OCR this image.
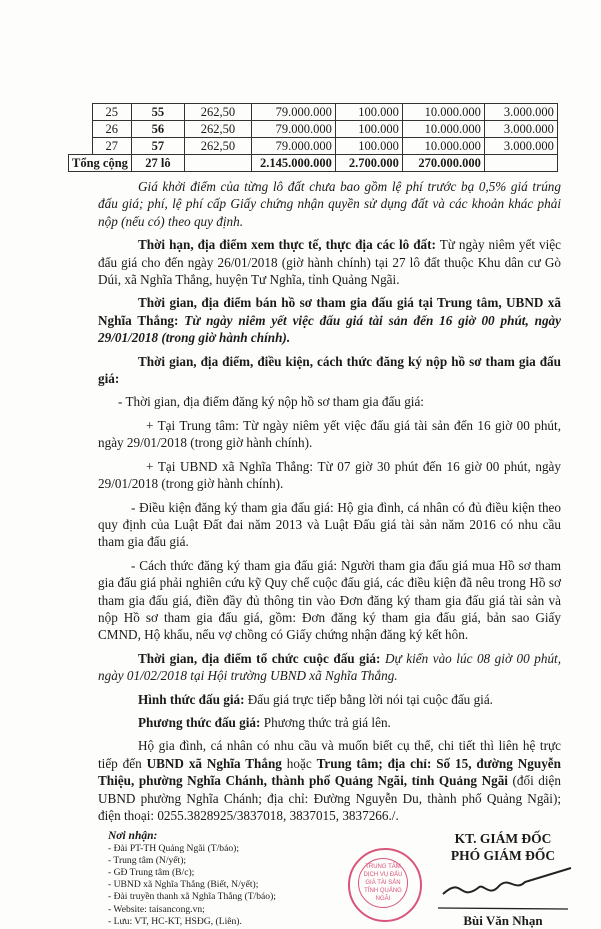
	25	55	262,50	79.000.000	100.000	10.000.000	3.000.000
	26	56	262,50	79.000.000	100.000	10.000.000	3.000.000
	27	57	262,50	79.000.000	100.000	10.000.000	3.000.000
Tổng cộng		27 lô		2.145.000.000	2.700.000	270.000.000	

Giá khởi điểm của từng lô đất chưa bao gồm lệ phí trước bạ 0,5% giá trúng đấu giá; phí, lệ phí cấp Giấy chứng nhận quyền sử dụng đất và các khoản khác phải nộp (nếu có) theo quy định.

Thời hạn, địa điểm xem thực tế, thực địa các lô đất: Từ ngày niêm yết việc đấu giá cho đến ngày 26/01/2018 (giờ hành chính) tại 27 lô đất thuộc Khu dân cư Gò Dúi, xã Nghĩa Thắng, huyện Tư Nghĩa, tỉnh Quảng Ngãi.

Thời gian, địa điểm bán hồ sơ tham gia đấu giá tại Trung tâm, UBND xã Nghĩa Thắng: Từ ngày niêm yết việc đấu giá tài sản đến 16 giờ 00 phút, ngày 29/01/2018 (trong giờ hành chính).

Thời gian, địa điểm, điều kiện, cách thức đăng ký nộp hồ sơ tham gia đấu giá:

- Thời gian, địa điểm đăng ký nộp hồ sơ tham gia đấu giá:

+ Tại Trung tâm: Từ ngày niêm yết việc đấu giá tài sản đến 16 giờ 00 phút, ngày 29/01/2018 (trong giờ hành chính).

+ Tại UBND xã Nghĩa Thắng: Từ 07 giờ 30 phút đến 16 giờ 00 phút, ngày 29/01/2018 (trong giờ hành chính).

- Điều kiện đăng ký tham gia đấu giá: Hộ gia đình, cá nhân có đủ điều kiện theo quy định của Luật Đất đai năm 2013 và Luật Đấu giá tài sản năm 2016 có nhu cầu tham gia đấu giá.

- Cách thức đăng ký tham gia đấu giá: Người tham gia đấu giá mua Hồ sơ tham gia đấu giá phải nghiên cứu kỹ Quy chế cuộc đấu giá, các điều kiện đã nêu trong Hồ sơ tham gia đấu giá, điền đầy đủ thông tin vào Đơn đăng ký tham gia đấu giá tài sản và nộp Hồ sơ tham gia đấu giá, gồm: Đơn đăng ký tham gia đấu giá, bản sao Giấy CMND, Hộ khẩu, nếu vợ chồng có Giấy chứng nhận đăng ký kết hôn.

Thời gian, địa điểm tổ chức cuộc đấu giá: Dự kiến vào lúc 08 giờ 00 phút, ngày 01/02/2018 tại Hội trường UBND xã Nghĩa Thắng.

Hình thức đấu giá: Đấu giá trực tiếp bằng lời nói tại cuộc đấu giá.

Phương thức đấu giá: Phương thức trả giá lên.

Hộ gia đình, cá nhân có nhu cầu và muốn biết cụ thể, chi tiết thì liên hệ trực tiếp đến UBND xã Nghĩa Thắng hoặc Trung tâm; địa chỉ: Số 15, đường Nguyễn Thiệu, phường Nghĩa Chánh, thành phố Quảng Ngãi, tỉnh Quảng Ngãi (đối diện UBND phường Nghĩa Chánh; địa chỉ: Đường Nguyễn Du, thành phố Quảng Ngãi); điện thoại: 0255.3828925/3837018, 3837015, 3837266./.

Nơi nhận:
- Đài PT-TH Quảng Ngãi (T/báo);
- Trung tâm (N/yết);
- GĐ Trung tâm (B/c);
- UBND xã Nghĩa Thắng (Biết, N/yết);
- Đài truyền thanh xã Nghĩa Thắng (T/báo);
- Website: taisancong.vn;
- Lưu: VT, HC-KT, HSĐG, (Liên).
TRUNG TÂM DỊCH VỤ ĐẤU GIÁ TÀI SẢN TỈNH QUẢNG NGÃI
KT. GIÁM ĐỐC
PHÓ GIÁM ĐỐC
Bùi Văn Nhạn
